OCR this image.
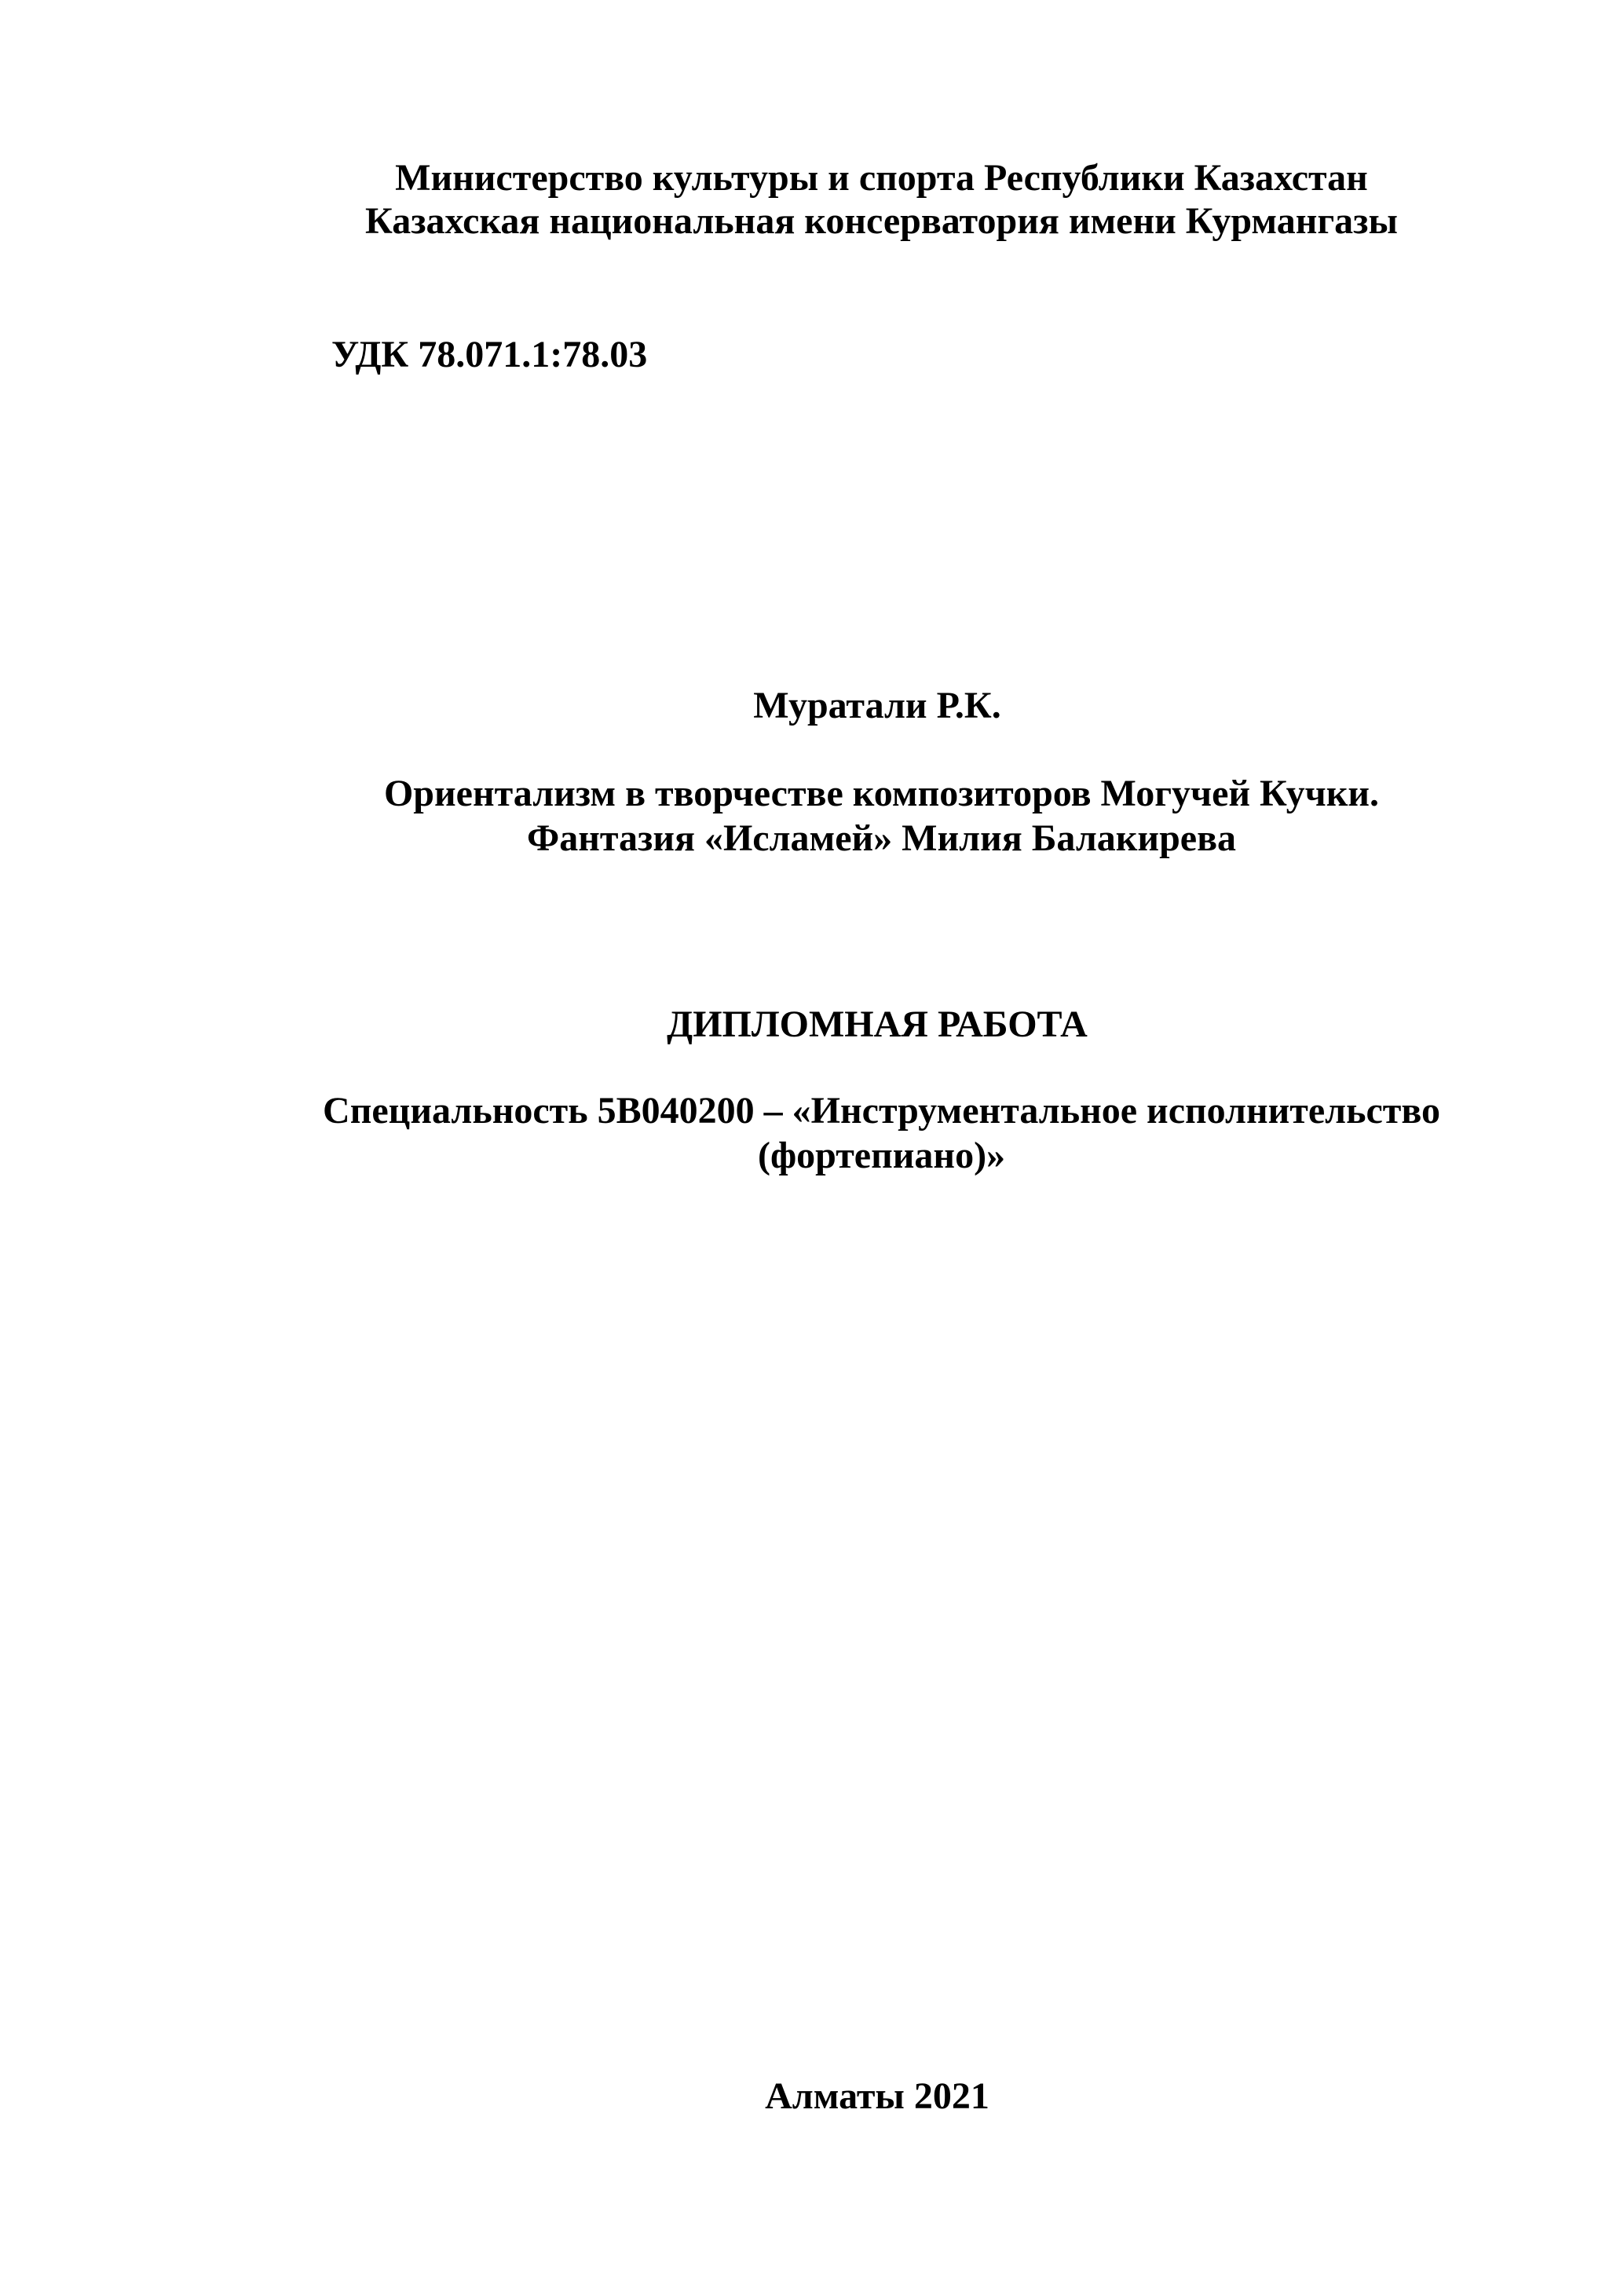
Министерство культуры и спорта Республики Казахстан
Казахская национальная консерватория имени Курмангазы
УДК 78.071.1:78.03
Муратали Р.К.
Ориентализм в творчестве композиторов Могучей Кучки.
Фантазия «Исламей» Милия Балакирева
ДИПЛОМНАЯ РАБОТА
Специальность 5В040200 – «Инструментальное исполнительство
(фортепиано)»
Алматы 2021
